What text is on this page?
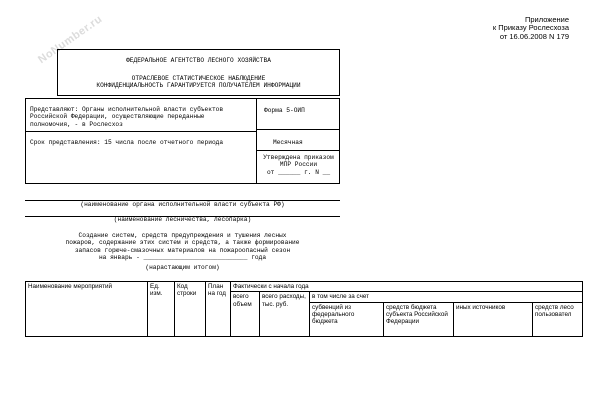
NoNumber.ru	Приложение
к Приказу Рослесхоза
от 16.06.2008 N 179
ФЕДЕРАЛЬНОЕ АГЕНТСТВО ЛЕСНОГО ХОЗЯЙСТВА
ОТРАСЛЕВОЕ СТАТИСТИЧЕСКОЕ НАБЛЮДЕНИЕ
КОНФИДЕНЦИАЛЬНОСТЬ ГАРАНТИРУЕТСЯ ПОЛУЧАТЕЛЕМ ИНФОРМАЦИИ
Представляют: Органы исполнительной власти субъектов
Российской Федерации, осуществляющие переданные
полномочия, - в Рослесхоз
Форма 5-ОИП
Срок представления: 15 числа после отчетного периода	Месячная
Утверждена приказом
МПР России
от ______ г. N __
(наименование органа исполнительной власти субъекта РФ)
(наименование лесничества, лесопарка)
Создание систем, средств предупреждения и тушения лесных
пожаров, содержание этих систем и средств, а также формирование
запасов горюче-смазочных материалов на пожароопасный сезон
на январь - ____________________________ года
(нарастающим итогом)
Наименование мероприятий	Ед. изм.	Код строки	План на год	Фактически с начала года					
				всего объем	всего расходы, тыс. руб.	в том числе за счет			
						субвенций из федерального бюджета	средств бюджета субъекта Российской Федерации	иных источников	средств лесо пользовател
